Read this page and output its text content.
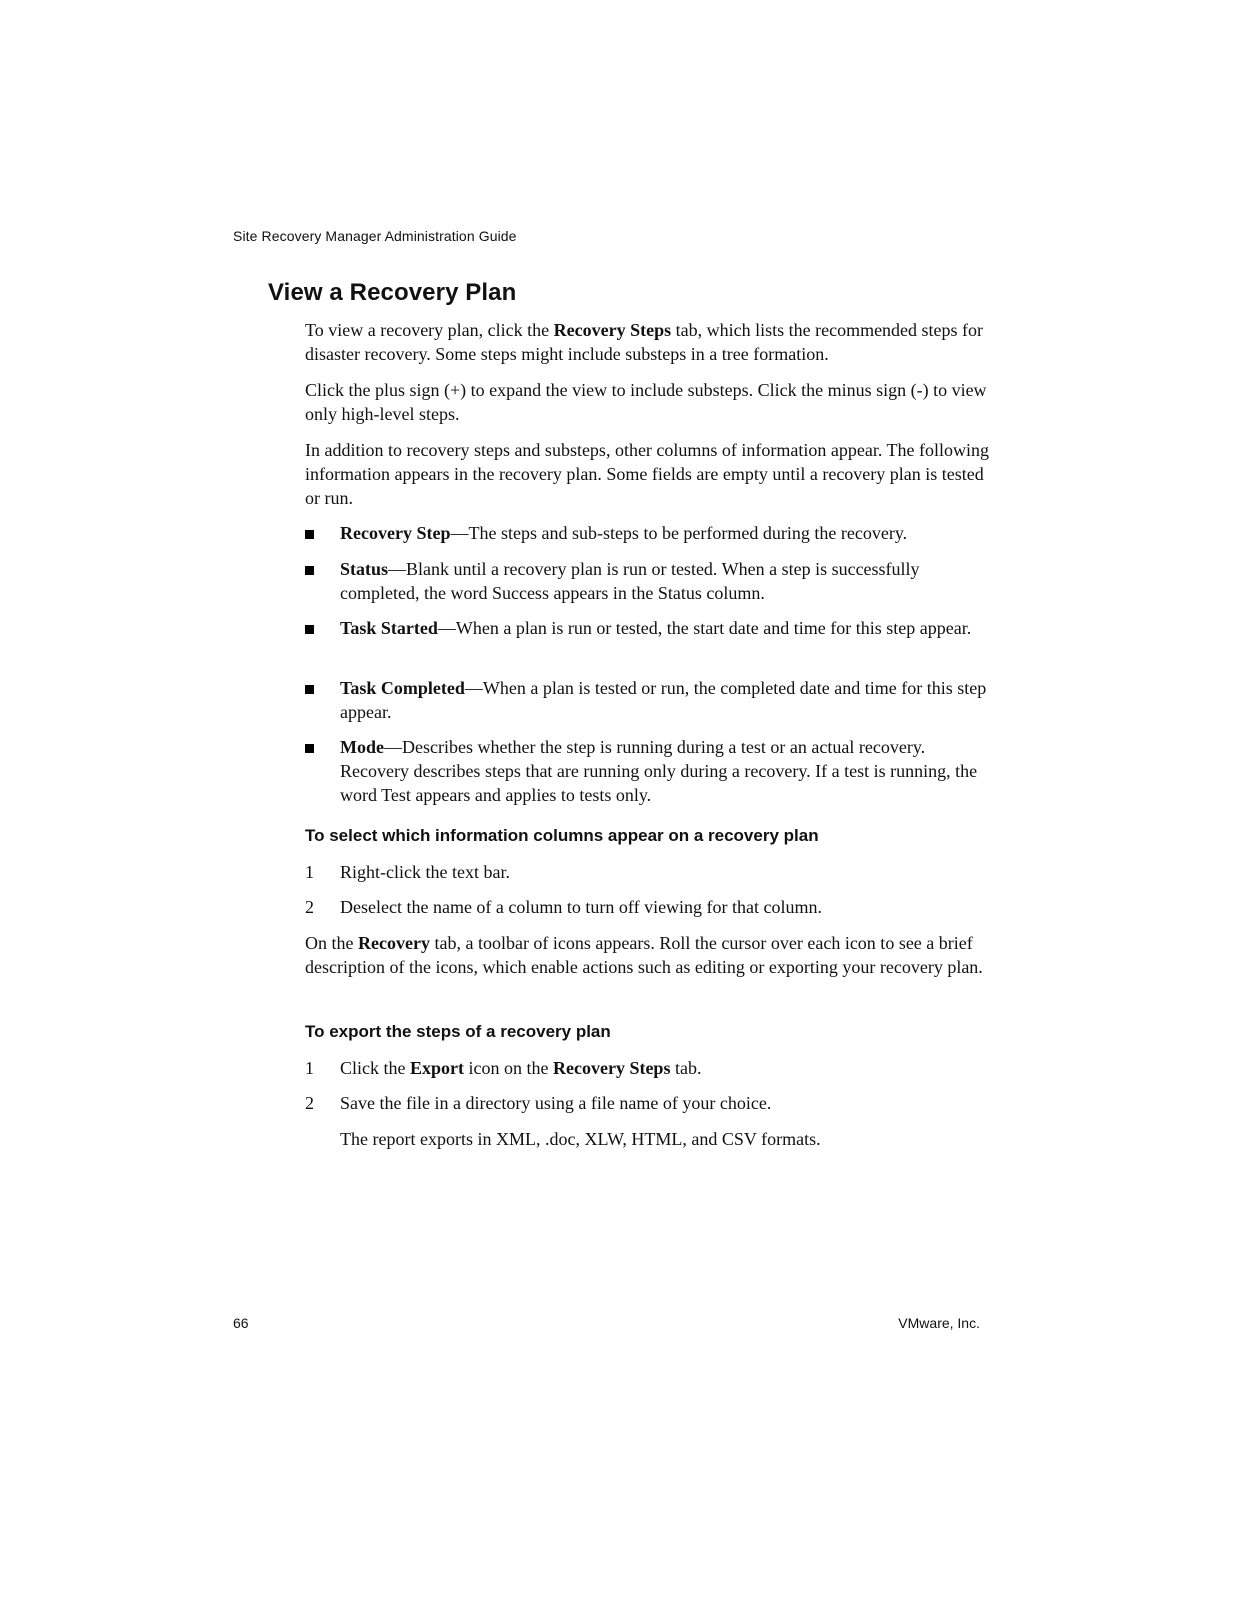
Site Recovery Manager Administration Guide
View a Recovery Plan

To view a recovery plan, click the Recovery Steps tab, which lists the recommended steps for disaster recovery. Some steps might include substeps in a tree formation.

Click the plus sign (+) to expand the view to include substeps. Click the minus sign (-) to view only high-level steps.

In addition to recovery steps and substeps, other columns of information appear. The following information appears in the recovery plan. Some fields are empty until a recovery plan is tested or run.

Recovery Step—The steps and sub-steps to be performed during the recovery.
Status—Blank until a recovery plan is run or tested. When a step is successfully completed, the word Success appears in the Status column.
Task Started—When a plan is run or tested, the start date and time for this step appear.
Task Completed—When a plan is tested or run, the completed date and time for this step appear.
Mode—Describes whether the step is running during a test or an actual recovery. Recovery describes steps that are running only during a recovery. If a test is running, the word Test appears and applies to tests only.
To select which information columns appear on a recovery plan
1	Right-click the text bar.
2	Deselect the name of a column to turn off viewing for that column.

On the Recovery tab, a toolbar of icons appears. Roll the cursor over each icon to see a brief description of the icons, which enable actions such as editing or exporting your recovery plan.

To export the steps of a recovery plan
1	Click the Export icon on the Recovery Steps tab.
2	Save the file in a directory using a file name of your choice.
The report exports in XML, .doc, XLW, HTML, and CSV formats.
66	VMware, Inc.
